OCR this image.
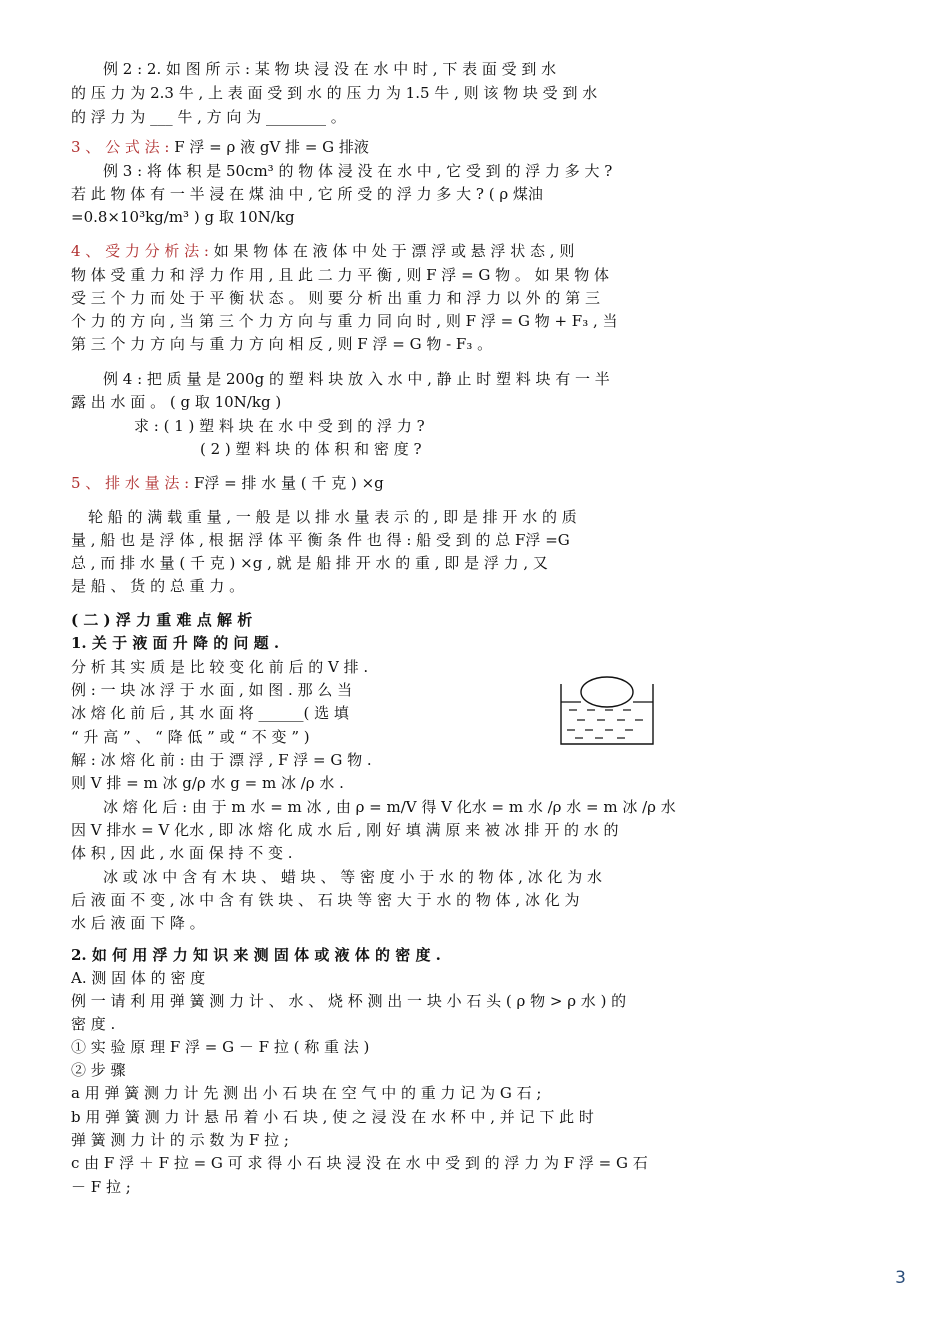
例 2 : 2. 如 图 所 示 : 某 物 块 浸 没 在 水 中 时 , 下 表 面 受 到 水
的 压 力 为 2.3 牛 , 上 表 面 受 到 水 的 压 力 为 1.5 牛 , 则 该 物 块 受 到 水
的 浮 力 为 ___ 牛 , 方 向 为 ________ 。
3 、 公 式 法 : F 浮 = ρ 液 gV 排 = G 排液
例 3 : 将 体 积 是 50cm³ 的 物 体 浸 没 在 水 中 , 它 受 到 的 浮 力 多 大 ?
若 此 物 体 有 一 半 浸 在 煤 油 中 , 它 所 受 的 浮 力 多 大 ? ( ρ 煤油
=0.8×10³kg/m³ ) g 取 10N/kg
4 、 受 力 分 析 法 : 如 果 物 体 在 液 体 中 处 于 漂 浮 或 悬 浮 状 态 , 则
物 体 受 重 力 和 浮 力 作 用 , 且 此 二 力 平 衡 , 则 F 浮 = G 物 。 如 果 物 体
受 三 个 力 而 处 于 平 衡 状 态 。 则 要 分 析 出 重 力 和 浮 力 以 外 的 第 三
个 力 的 方 向 , 当 第 三 个 力 方 向 与 重 力 同 向 时 , 则 F 浮 = G 物 + F₃ , 当
第 三 个 力 方 向 与 重 力 方 向 相 反 , 则 F 浮 = G 物 - F₃ 。
例 4 : 把 质 量 是 200g 的 塑 料 块 放 入 水 中 , 静 止 时 塑 料 块 有 一 半
露 出 水 面 。 ( g 取 10N/kg )
求 : ( 1 ) 塑 料 块 在 水 中 受 到 的 浮 力 ?
( 2 ) 塑 料 块 的 体 积 和 密 度 ?
5 、 排 水 量 法 : F浮 = 排 水 量 ( 千 克 ) ×g
轮 船 的 满 载 重 量 , 一 般 是 以 排 水 量 表 示 的 , 即 是 排 开 水 的 质
量 , 船 也 是 浮 体 , 根 据 浮 体 平 衡 条 件 也 得 : 船 受 到 的 总 F浮 =G
总 , 而 排 水 量 ( 千 克 ) ×g , 就 是 船 排 开 水 的 重 , 即 是 浮 力 , 又
是 船 、 货 的 总 重 力 。
( 二 ) 浮 力 重 难 点 解 析
1. 关 于 液 面 升 降 的 问 题 .
分 析 其 实 质 是 比 较 变 化 前 后 的 V 排 .
例 : 一 块 冰 浮 于 水 面 , 如 图 . 那 么 当
冰 熔 化 前 后 , 其 水 面 将 ______( 选 填
“ 升 高 ” 、 “ 降 低 ” 或 “ 不 变 ” )
解 : 冰 熔 化 前 : 由 于 漂 浮 , F 浮 = G 物 .
则 V 排 = m 冰 g/ρ 水 g = m 冰 /ρ 水 .
冰 熔 化 后 : 由 于 m 水 = m 冰 , 由 ρ = m/V 得 V 化水 = m 水 /ρ 水 = m 冰 /ρ 水
因 V 排水 = V 化水 , 即 冰 熔 化 成 水 后 , 刚 好 填 满 原 来 被 冰 排 开 的 水 的
体 积 , 因 此 , 水 面 保 持 不 变 .
冰 或 冰 中 含 有 木 块 、 蜡 块 、 等 密 度 小 于 水 的 物 体 , 冰 化 为 水
后 液 面 不 变 , 冰 中 含 有 铁 块 、 石 块 等 密 大 于 水 的 物 体 , 冰 化 为
水 后 液 面 下 降 。
2. 如 何 用 浮 力 知 识 来 测 固 体 或 液 体 的 密 度 .
A. 测 固 体 的 密 度
例 一 请 利 用 弹 簧 测 力 计 、 水 、 烧 杯 测 出 一 块 小 石 头 ( ρ 物 > ρ 水 ) 的
密 度 .
① 实 验 原 理 F 浮 = G － F 拉 ( 称 重 法 )
② 步 骤
a 用 弹 簧 测 力 计 先 测 出 小 石 块 在 空 气 中 的 重 力 记 为 G 石 ;
b 用 弹 簧 测 力 计 悬 吊 着 小 石 块 , 使 之 浸 没 在 水 杯 中 , 并 记 下 此 时
弹 簧 测 力 计 的 示 数 为 F 拉 ;
c 由 F 浮 ＋ F 拉 = G 可 求 得 小 石 块 浸 没 在 水 中 受 到 的 浮 力 为 F 浮 = G 石
－ F 拉 ;
3
